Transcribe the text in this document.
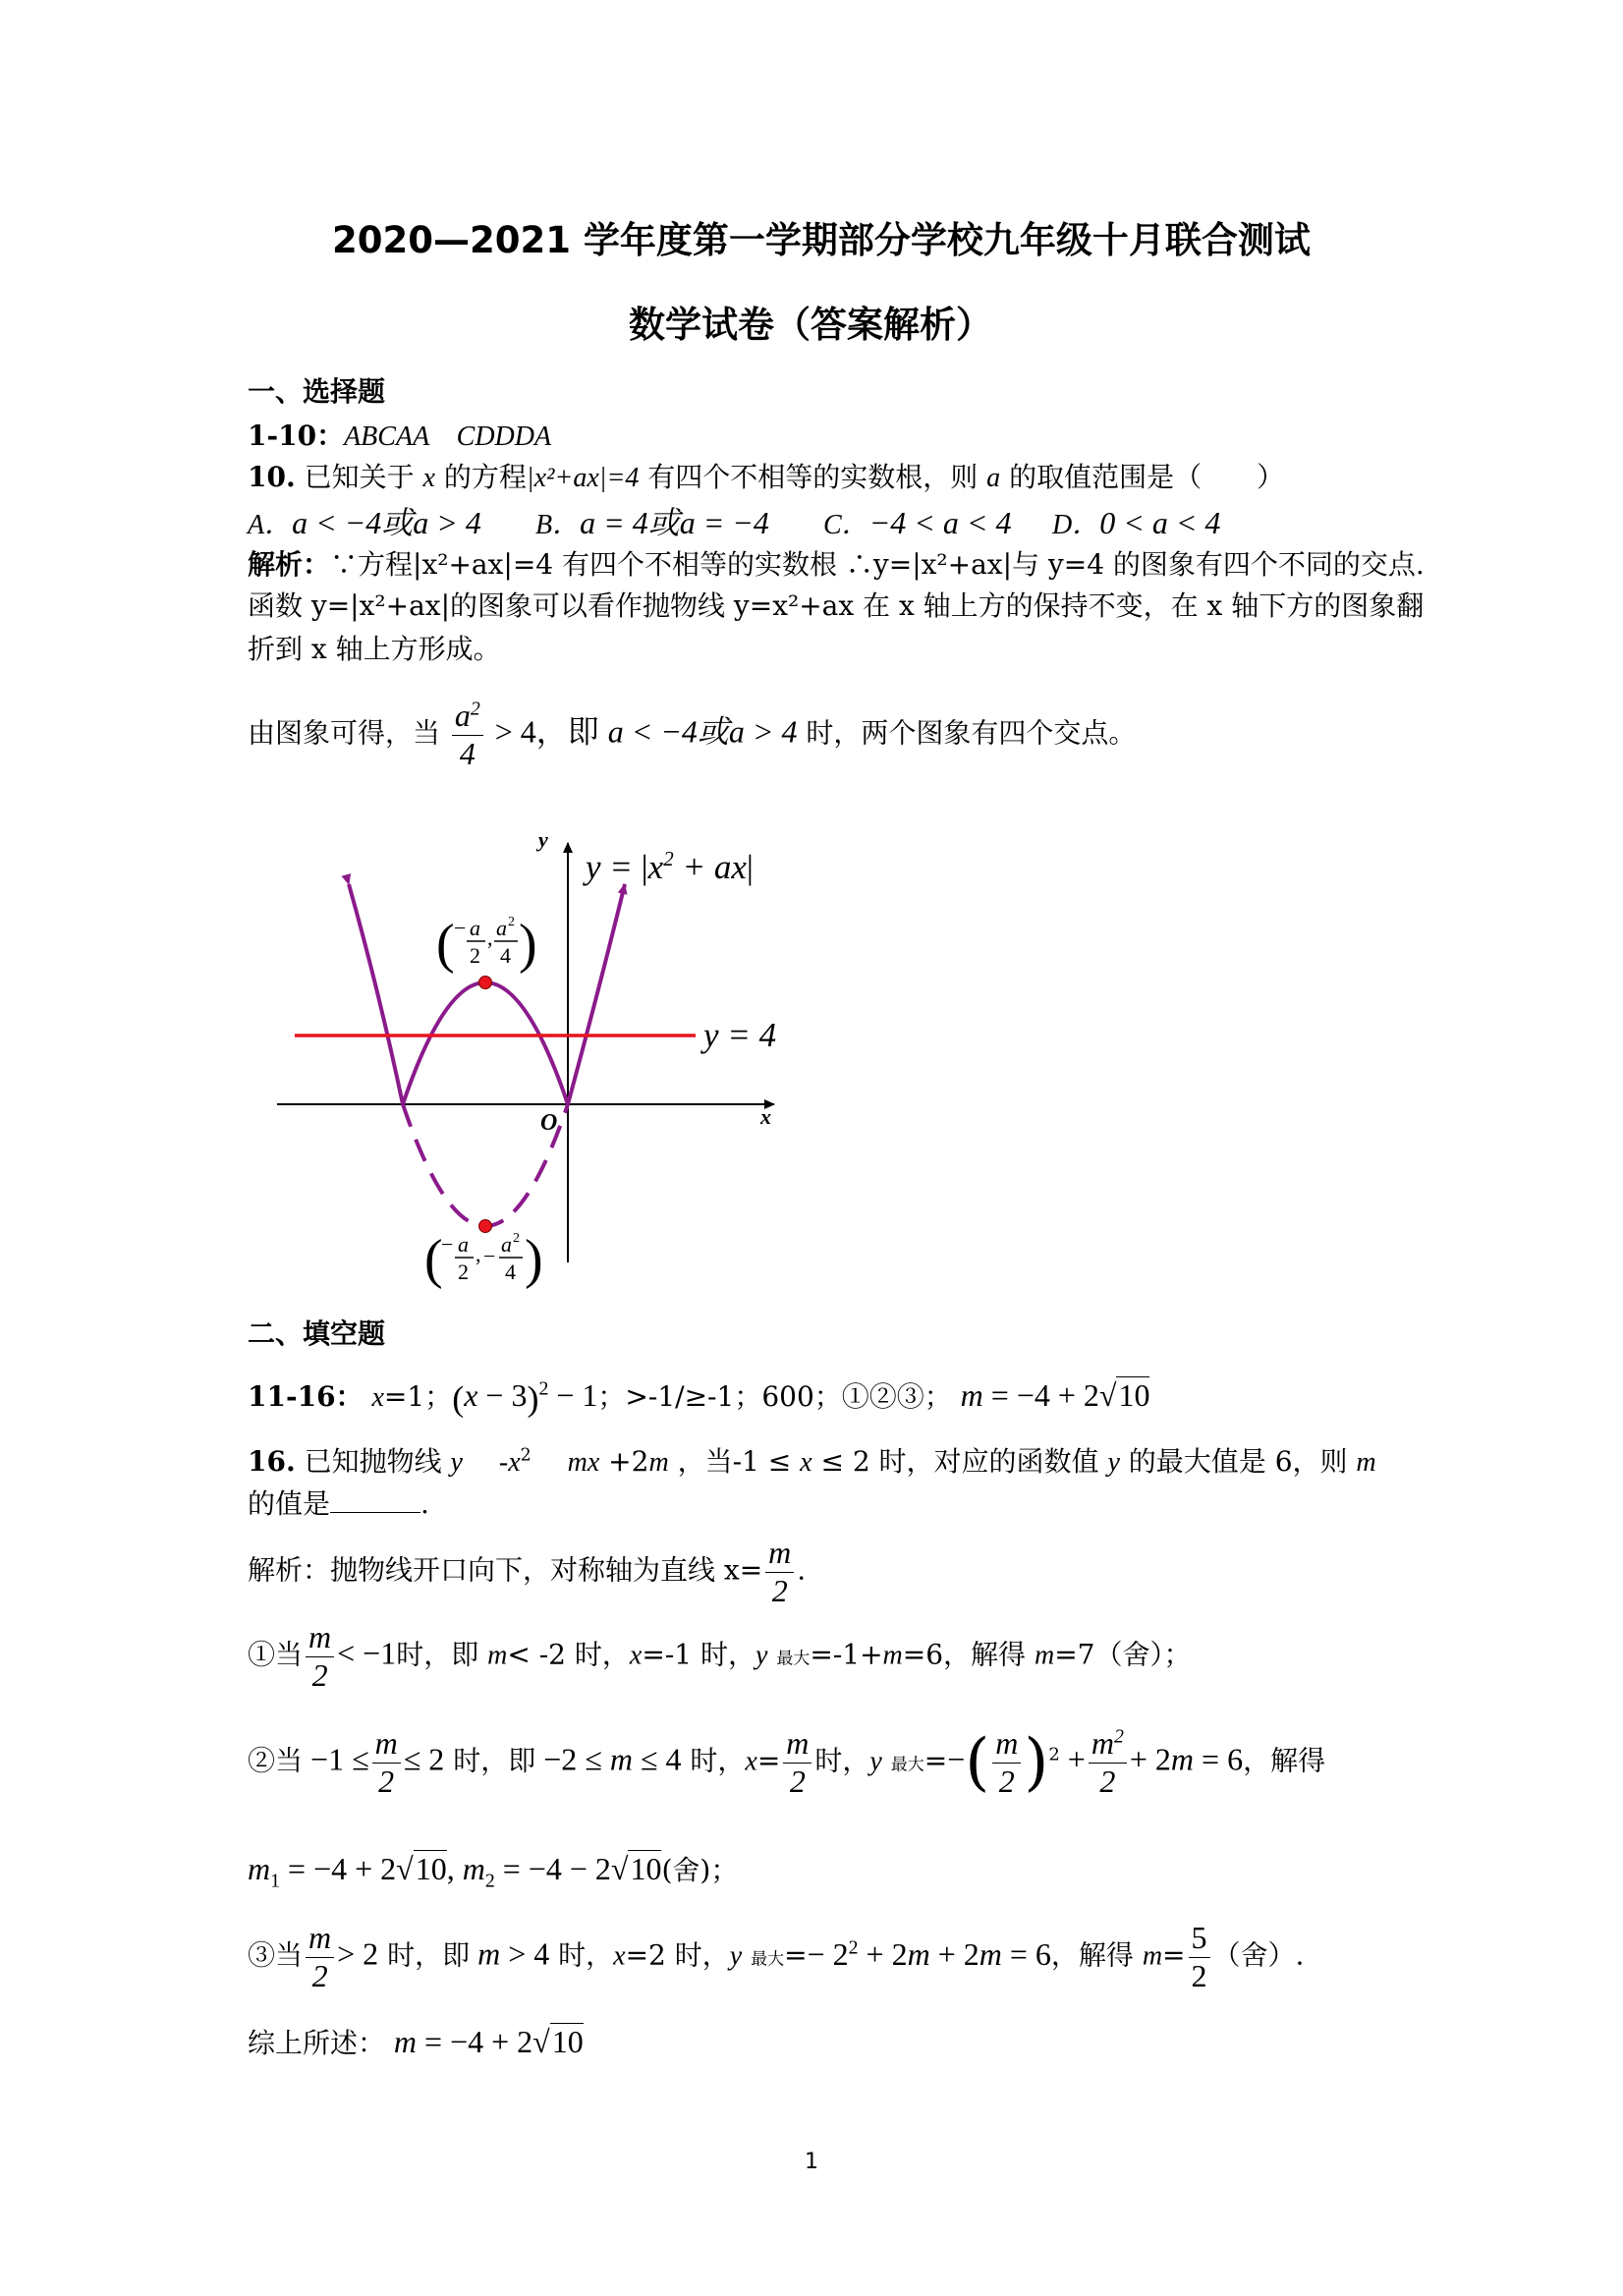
2020—2021 学年度第一学期部分学校九年级十月联合测试
数学试卷（答案解析）
一、选择题
1-10：ABCAA    CDDDA
10. 已知关于 x 的方程|x²+ax|=4 有四个不相等的实数根，则 a 的取值范围是（　　）
A．a < −4或a > 4 B．a = 4或a = −4 C．−4 < a < 4 D．0 < a < 4
解析：∵方程|x²+ax|=4 有四个不相等的实数根 ∴y=|x²+ax|与 y=4 的图象有四个不同的交点.
函数 y=|x²+ax|的图象可以看作抛物线 y=x²+ax 在 x 轴上方的保持不变，在 x 轴下方的图象翻
折到 x 轴上方形成。
由图象可得，当 $\frac{a^2}{4} > 4$，即 a < −4或a > 4 时，两个图象有四个交点。
y
x
O
$y = |x^2 + ax|$
y = 4
( − a
2
, a 2
4 )
(
− a
2
, − a 2
4 )
二、填空题
11-16： x=1；$(x - 3)^2 - 1$；>-1/≥-1；600；①②③； m = −4 + 2√10
16. 已知抛物线 y　 $-x^2$　 mx +2m ，当-1 ≤ x ≤ 2 时，对应的函数值 y 的最大值是 6，则 m
的值是	.
解析：抛物线开口向下，对称轴为直线 $x= \frac{m}{2}$ .
①当 $\frac{m}{2} < -1$时，即 m< -2 时，x=-1 时，y 最大=-1+m=6，解得 m=7（舍）；
②当 $-1 \le \frac{m}{2} \le 2$ 时，即 −2 ≤ m ≤ 4 时，$x= \frac{m}{2}$ 时，y 最大=−( $\frac{m}{2} )^2 + \frac{m^2}{2} + 2m = 6$，解得
$m_1 = -4 + 2√10$, $m_2 = -4 - 2√10$(舍)；
③当 $\frac{m}{2} > 2$ 时，即 m > 4 时，x=2 时，y 最大=− $2^2 + 2m + 2m = 6$，解得 $m= \frac{5}{2}$ （舍）.
综上所述： m = −4 + 2√10
1
